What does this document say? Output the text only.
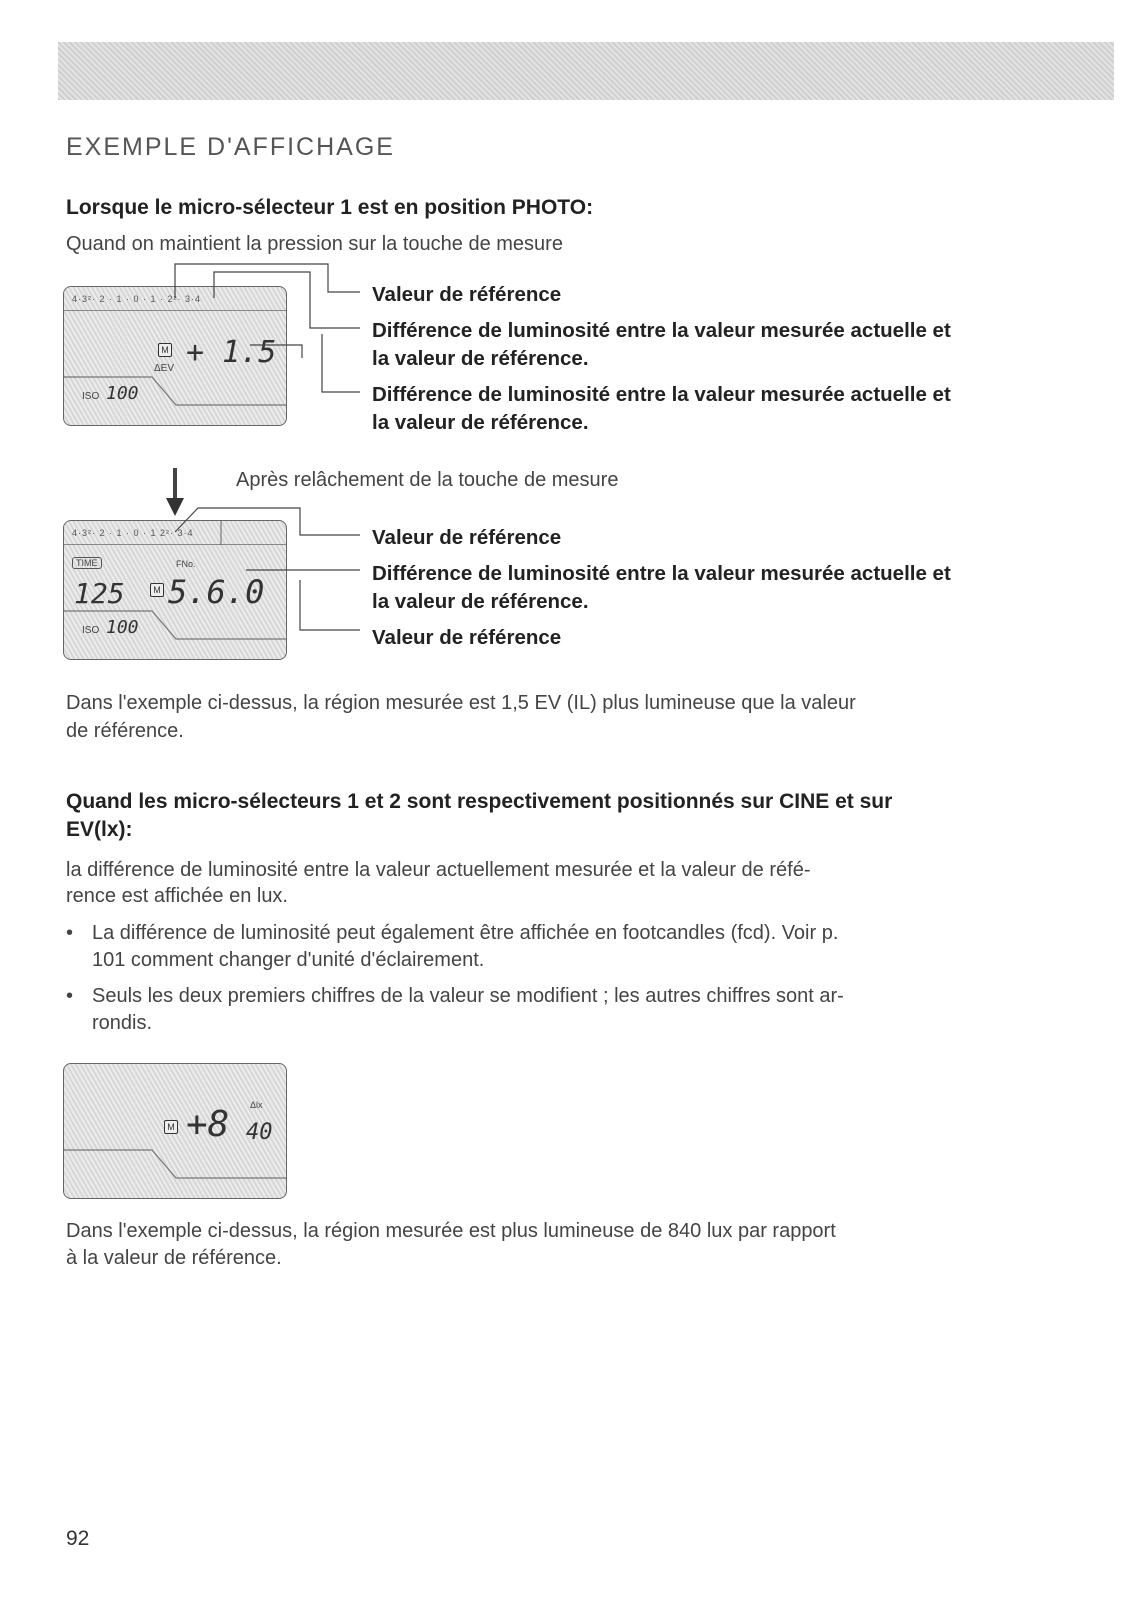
EXEMPLE D'AFFICHAGE

Lorsque le micro-sélecteur 1 est en position PHOTO:

Quand on maintient la pression sur la touche de mesure

4·3²· 2 · 1 · 0 · 1 · 2²· 3·4
M
ΔEV + 1.5
ISO 100
4·3²· 2 · 1 · 0 · 1 2²· 3·4
TIME	FNo.
125	M 5.6.0
ISO 100

Valeur de référence

Différence de luminosité entre la valeur mesurée actuelle et

la valeur de référence.

Différence de luminosité entre la valeur mesurée actuelle et

la valeur de référence.

Après relâchement de la touche de mesure

Valeur de référence

Différence de luminosité entre la valeur mesurée actuelle et

la valeur de référence.

Valeur de référence

Dans l'exemple ci-dessus, la région mesurée est 1,5 EV (IL) plus lumineuse que la valeur

de référence.

Quand les micro-sélecteurs 1 et 2 sont respectivement positionnés sur CINE et sur

EV(lx):

la différence de luminosité entre la valeur actuellement mesurée et la valeur de réfé-

rence est affichée en lux.

• La différence de luminosité peut également être affichée en footcandles (fcd). Voir p.
101 comment changer d'unité d'éclairement.
• Seuls les deux premiers chiffres de la valeur se modifient ; les autres chiffres sont ar-
rondis.
M +8 Δlx
40

Dans l'exemple ci-dessus, la région mesurée est plus lumineuse de 840 lux par rapport

à la valeur de référence.

92
